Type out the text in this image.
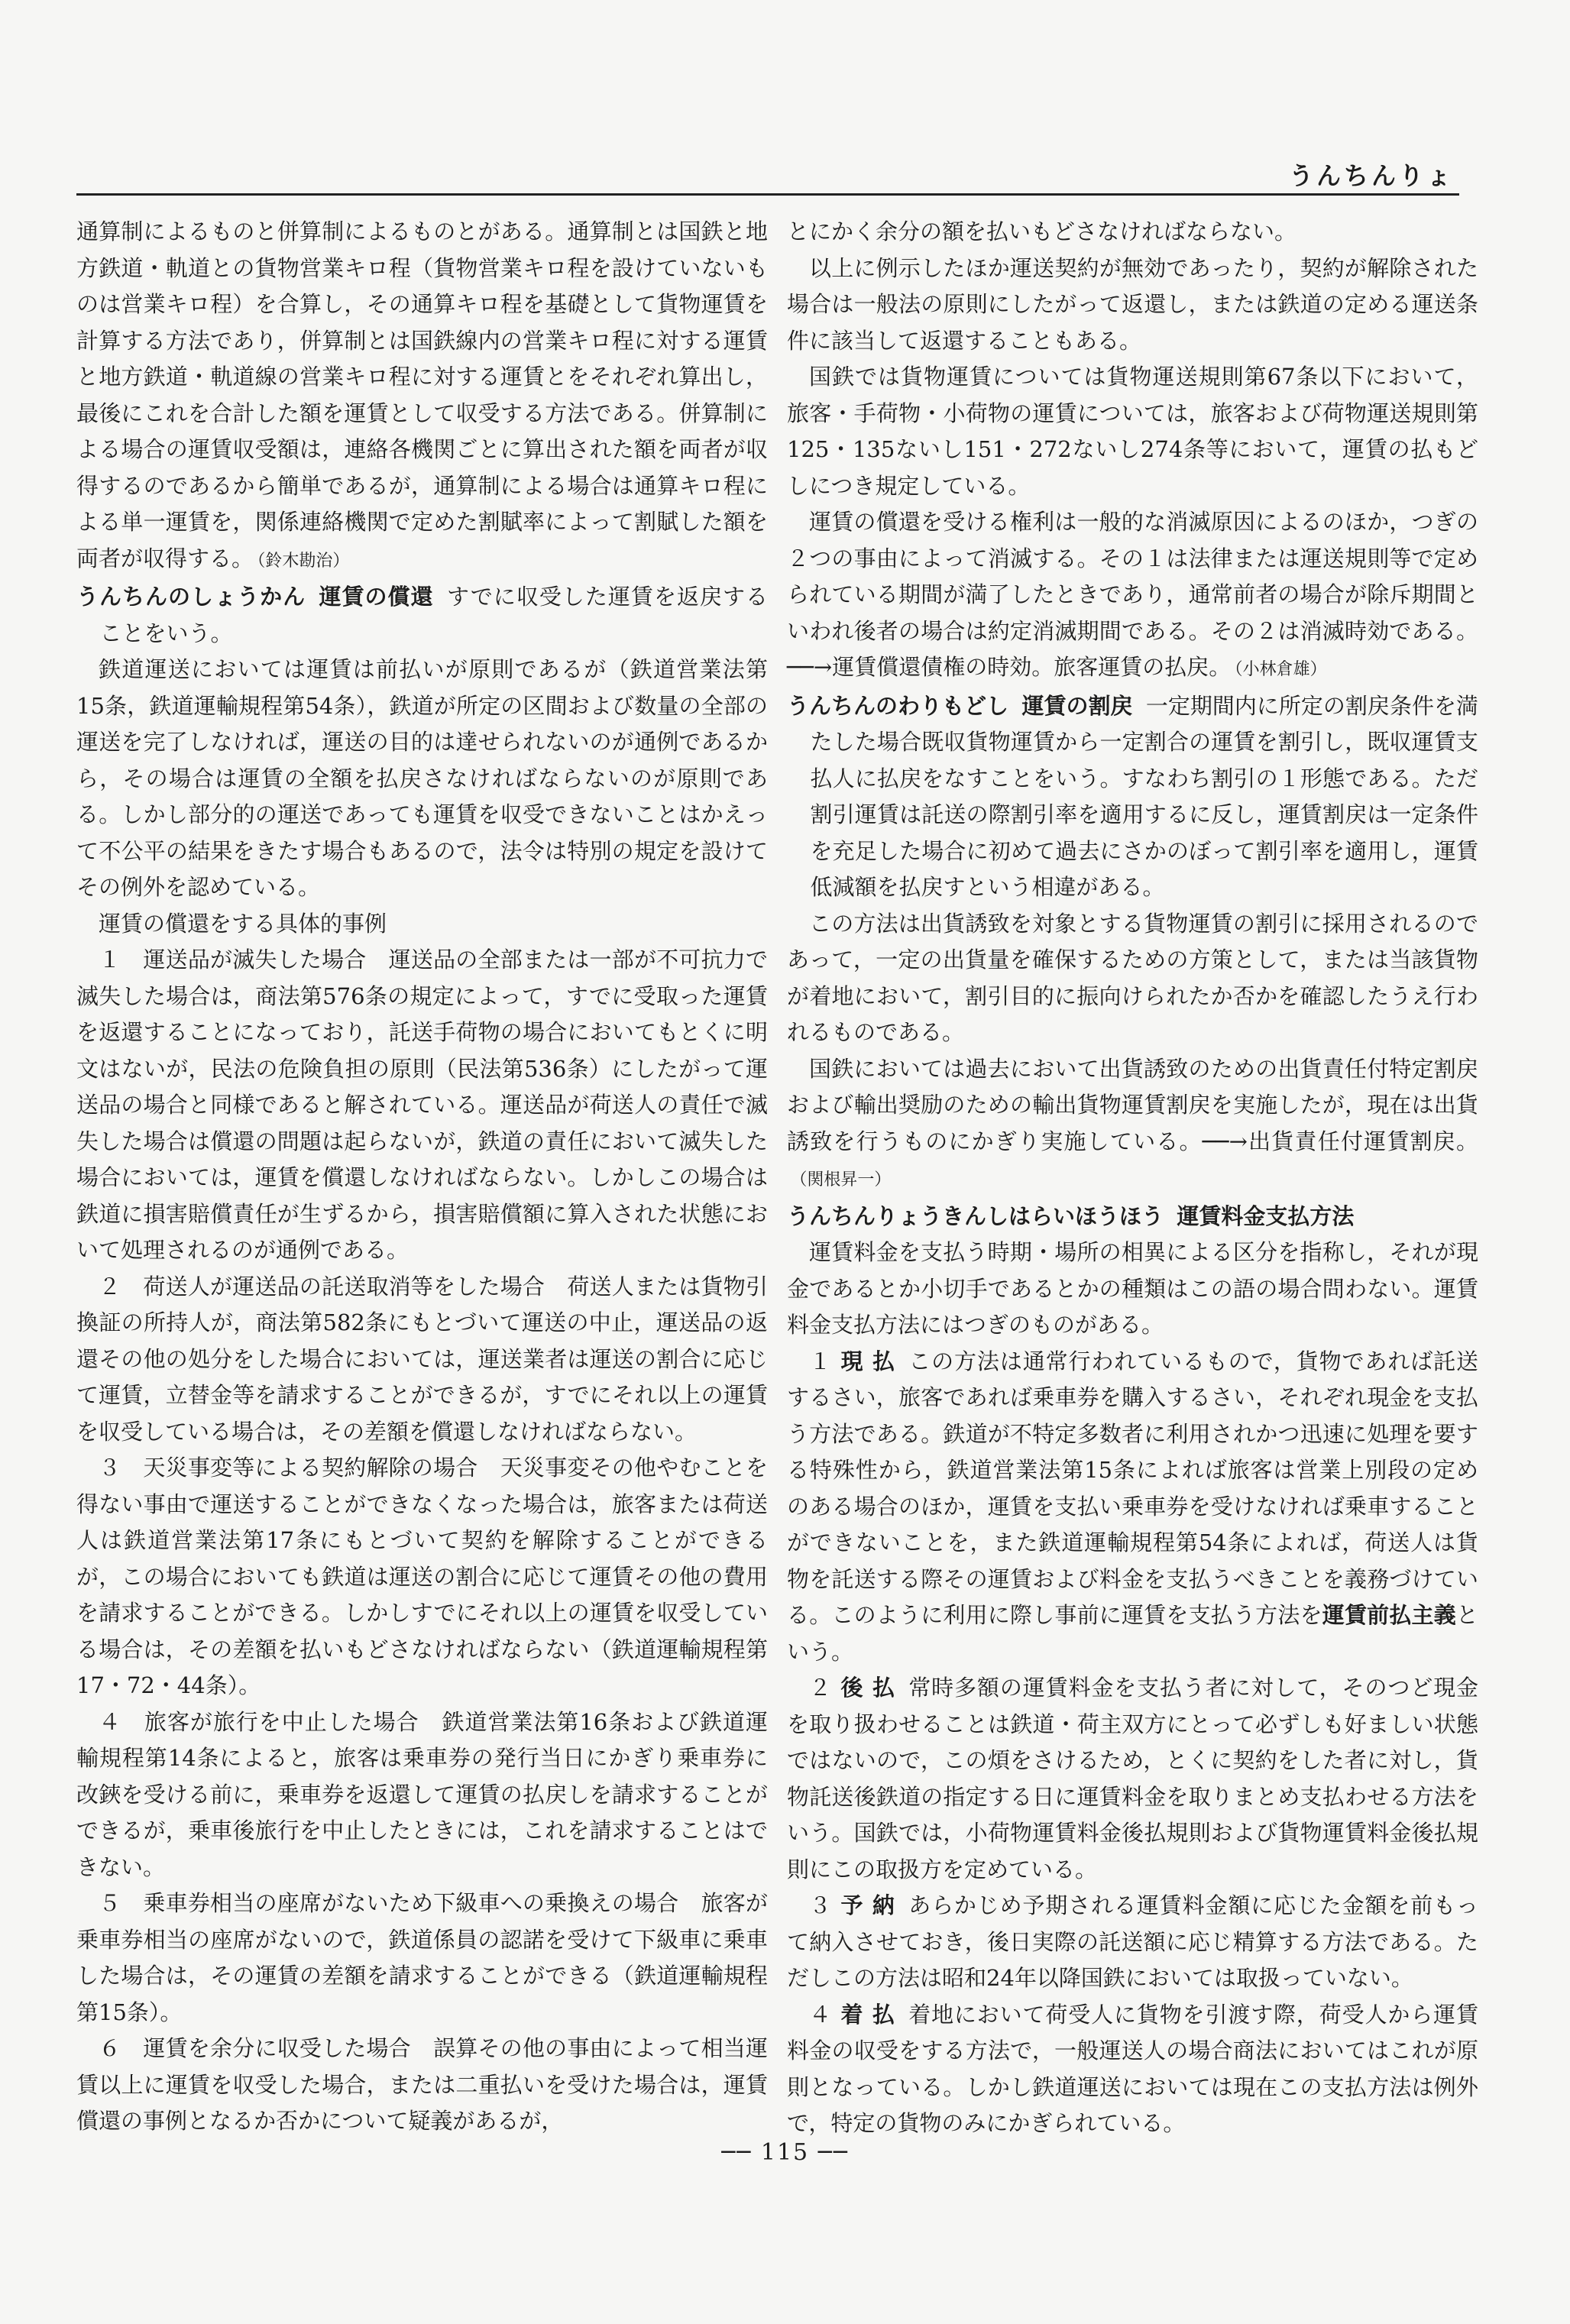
うんちんりょ

通算制によるものと併算制によるものとがある。通算制とは国鉄と地方鉄道・軌道との貨物営業キロ程（貨物営業キロ程を設けていないものは営業キロ程）を合算し，その通算キロ程を基礎として貨物運賃を計算する方法であり，併算制とは国鉄線内の営業キロ程に対する運賃と地方鉄道・軌道線の営業キロ程に対する運賃とをそれぞれ算出し，最後にこれを合計した額を運賃として収受する方法である。併算制による場合の運賃収受額は，連絡各機関ごとに算出された額を両者が収得するのであるから簡単であるが，通算制による場合は通算キロ程による単一運賃を，関係連絡機関で定めた割賦率によって割賦した額を両者が収得する。 （鈴木勘治）

うんちんのしょうかん 運賃の償還 すでに収受した運賃を返戻することをいう。

鉄道運送においては運賃は前払いが原則であるが（鉄道営業法第15条，鉄道運輸規程第54条），鉄道が所定の区間および数量の全部の運送を完了しなければ，運送の目的は達せられないのが通例であるから，その場合は運賃の全額を払戻さなければならないのが原則である。しかし部分的の運送であっても運賃を収受できないことはかえって不公平の結果をきたす場合もあるので，法令は特別の規定を設けてその例外を認めている。

運賃の償還をする具体的事例

１　運送品が滅失した場合　運送品の全部または一部が不可抗力で滅失した場合は，商法第576条の規定によって，すでに受取った運賃を返還することになっており，託送手荷物の場合においてもとくに明文はないが，民法の危険負担の原則（民法第536条）にしたがって運送品の場合と同様であると解されている。運送品が荷送人の責任で滅失した場合は償還の問題は起らないが，鉄道の責任において滅失した場合においては，運賃を償還しなければならない。しかしこの場合は鉄道に損害賠償責任が生ずるから，損害賠償額に算入された状態において処理されるのが通例である。

２　荷送人が運送品の託送取消等をした場合　荷送人または貨物引換証の所持人が，商法第582条にもとづいて運送の中止，運送品の返還その他の処分をした場合においては，運送業者は運送の割合に応じて運賃，立替金等を請求することができるが，すでにそれ以上の運賃を収受している場合は，その差額を償還しなければならない。

３　天災事変等による契約解除の場合　天災事変その他やむことを得ない事由で運送することができなくなった場合は，旅客または荷送人は鉄道営業法第17条にもとづいて契約を解除することができるが，この場合においても鉄道は運送の割合に応じて運賃その他の費用を請求することができる。しかしすでにそれ以上の運賃を収受している場合は，その差額を払いもどさなければならない（鉄道運輸規程第17・72・44条）。

４　旅客が旅行を中止した場合　鉄道営業法第16条および鉄道運輸規程第14条によると，旅客は乗車券の発行当日にかぎり乗車券に改鋏を受ける前に，乗車券を返還して運賃の払戻しを請求することができるが，乗車後旅行を中止したときには，これを請求することはできない。

５　乗車券相当の座席がないため下級車への乗換えの場合　旅客が乗車券相当の座席がないので，鉄道係員の認諾を受けて下級車に乗車した場合は，その運賃の差額を請求することができる（鉄道運輸規程第15条）。

６　運賃を余分に収受した場合　誤算その他の事由によって相当運賃以上に運賃を収受した場合，または二重払いを受けた場合は，運賃償還の事例となるか否かについて疑義があるが，

とにかく余分の額を払いもどさなければならない。

以上に例示したほか運送契約が無効であったり，契約が解除された場合は一般法の原則にしたがって返還し，または鉄道の定める運送条件に該当して返還することもある。

国鉄では貨物運賃については貨物運送規則第67条以下において，旅客・手荷物・小荷物の運賃については，旅客および荷物運送規則第125・135ないし151・272ないし274条等において，運賃の払もどしにつき規定している。

運賃の償還を受ける権利は一般的な消滅原因によるのほか，つぎの２つの事由によって消滅する。その１は法律または運送規則等で定められている期間が満了したときであり，通常前者の場合が除斥期間といわれ後者の場合は約定消滅期間である。その２は消滅時効である。──→運賃償還債権の時効。旅客運賃の払戻。 （小林倉雄）

うんちんのわりもどし 運賃の割戻 一定期間内に所定の割戻条件を満たした場合既収貨物運賃から一定割合の運賃を割引し，既収運賃支払人に払戻をなすことをいう。すなわち割引の１形態である。ただ割引運賃は託送の際割引率を適用するに反し，運賃割戻は一定条件を充足した場合に初めて過去にさかのぼって割引率を適用し，運賃低減額を払戻すという相違がある。

この方法は出貨誘致を対象とする貨物運賃の割引に採用されるのであって，一定の出貨量を確保するための方策として，または当該貨物が着地において，割引目的に振向けられたか否かを確認したうえ行われるものである。

国鉄においては過去において出貨誘致のための出貨責任付特定割戻および輸出奨励のための輸出貨物運賃割戻を実施したが，現在は出貨誘致を行うものにかぎり実施している。──→出貨責任付運賃割戻。（関根昇一）

うんちんりょうきんしはらいほうほう 運賃料金支払方法

運賃料金を支払う時期・場所の相異による区分を指称し，それが現金であるとか小切手であるとかの種類はこの語の場合問わない。運賃料金支払方法にはつぎのものがある。

１ 現払 この方法は通常行われているもので，貨物であれば託送するさい，旅客であれば乗車券を購入するさい，それぞれ現金を支払う方法である。鉄道が不特定多数者に利用されかつ迅速に処理を要する特殊性から，鉄道営業法第15条によれば旅客は営業上別段の定めのある場合のほか，運賃を支払い乗車券を受けなければ乗車することができないことを，また鉄道運輸規程第54条によれば，荷送人は貨物を託送する際その運賃および料金を支払うべきことを義務づけている。このように利用に際し事前に運賃を支払う方法を運賃前払主義という。

２ 後払 常時多額の運賃料金を支払う者に対して，そのつど現金を取り扱わせることは鉄道・荷主双方にとって必ずしも好ましい状態ではないので，この煩をさけるため，とくに契約をした者に対し，貨物託送後鉄道の指定する日に運賃料金を取りまとめ支払わせる方法をいう。国鉄では，小荷物運賃料金後払規則および貨物運賃料金後払規則にこの取扱方を定めている。

３ 予納 あらかじめ予期される運賃料金額に応じた金額を前もって納入させておき，後日実際の託送額に応じ精算する方法である。ただしこの方法は昭和24年以降国鉄においては取扱っていない。

４ 着払 着地において荷受人に貨物を引渡す際，荷受人から運賃料金の収受をする方法で，一般運送人の場合商法においてはこれが原則となっている。しかし鉄道運送においては現在この支払方法は例外で，特定の貨物のみにかぎられている。

── 115 ──
